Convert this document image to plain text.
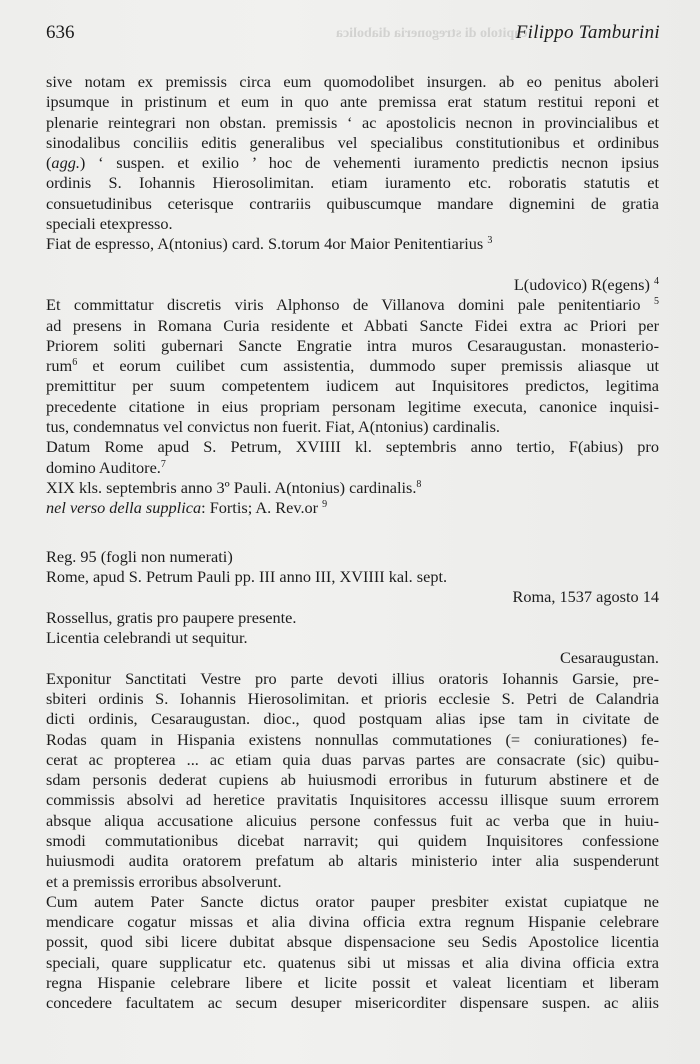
636	capitolo di stregoneria diabolica
Filippo Tamburini
sive notam ex premissis circa eum quomodolibet insurgen. ab eo penitus aboleri
ipsumque in pristinum et eum in quo ante premissa erat statum restitui reponi et
plenarie reintegrari non obstan. premissis ‘ ac apostolicis necnon in provincialibus et
sinodalibus conciliis editis generalibus vel specialibus constitutionibus et ordinibus
(agg.) ‘ suspen. et exilio ’ hoc de vehementi iuramento predictis necnon ipsius
ordinis S. Iohannis Hierosolimitan. etiam iuramento etc. roboratis statutis et
consuetudinibus ceterisque contrariis quibuscumque mandare dignemini de gratia
speciali etexpresso.
Fiat de espresso, A(ntonius) card. S.torum 4or Maior Penitentiarius $^3$
L(udovico) R(egens) $^4$
Et committatur discretis viris Alphonso de Villanova domini pale penitentiario $^5$
ad presens in Romana Curia residente et Abbati Sancte Fidei extra ac Priori per
Priorem soliti gubernari Sancte Engratie intra muros Cesaraugustan. monasterio-
rum$^6$ et eorum cuilibet cum assistentia, dummodo super premissis aliasque ut
premittitur per suum competentem iudicem aut Inquisitores predictos, legitima
precedente citatione in eius propriam personam legitime executa, canonice inquisi-
tus, condemnatus vel convictus non fuerit. Fiat, A(ntonius) cardinalis.
Datum Rome apud S. Petrum, XVIIII kl. septembris anno tertio, F(abius) pro
domino Auditore.$^7$
XIX kls. septembris anno 3º Pauli. A(ntonius) cardinalis.$^8$
nel verso della supplica: Fortis; A. Rev.or $^9$
Reg. 95 (fogli non numerati)
Rome, apud S. Petrum Pauli pp. III anno III, XVIIII kal. sept.
Roma, 1537 agosto 14
Rossellus, gratis pro paupere presente.
Licentia celebrandi ut sequitur.
Cesaraugustan.
Exponitur Sanctitati Vestre pro parte devoti illius oratoris Iohannis Garsie, pre-
sbiteri ordinis S. Iohannis Hierosolimitan. et prioris ecclesie S. Petri de Calandria
dicti ordinis, Cesaraugustan. dioc., quod postquam alias ipse tam in civitate de
Rodas quam in Hispania existens nonnullas commutationes (= coniurationes) fe-
cerat ac propterea ... ac etiam quia duas parvas partes are consacrate (sic) quibu-
sdam personis dederat cupiens ab huiusmodi erroribus in futurum abstinere et de
commissis absolvi ad heretice pravitatis Inquisitores accessu illisque suum errorem
absque aliqua accusatione alicuius persone confessus fuit ac verba que in huiu-
smodi commutationibus dicebat narravit; qui quidem Inquisitores confessione
huiusmodi audita oratorem prefatum ab altaris ministerio inter alia suspenderunt
et a premissis erroribus absolverunt.
Cum autem Pater Sancte dictus orator pauper presbiter existat cupiatque ne
mendicare cogatur missas et alia divina officia extra regnum Hispanie celebrare
possit, quod sibi licere dubitat absque dispensacione seu Sedis Apostolice licentia
speciali, quare supplicatur etc. quatenus sibi ut missas et alia divina officia extra
regna Hispanie celebrare libere et licite possit et valeat licentiam et liberam
concedere facultatem ac secum desuper misericorditer dispensare suspen. ac aliis
